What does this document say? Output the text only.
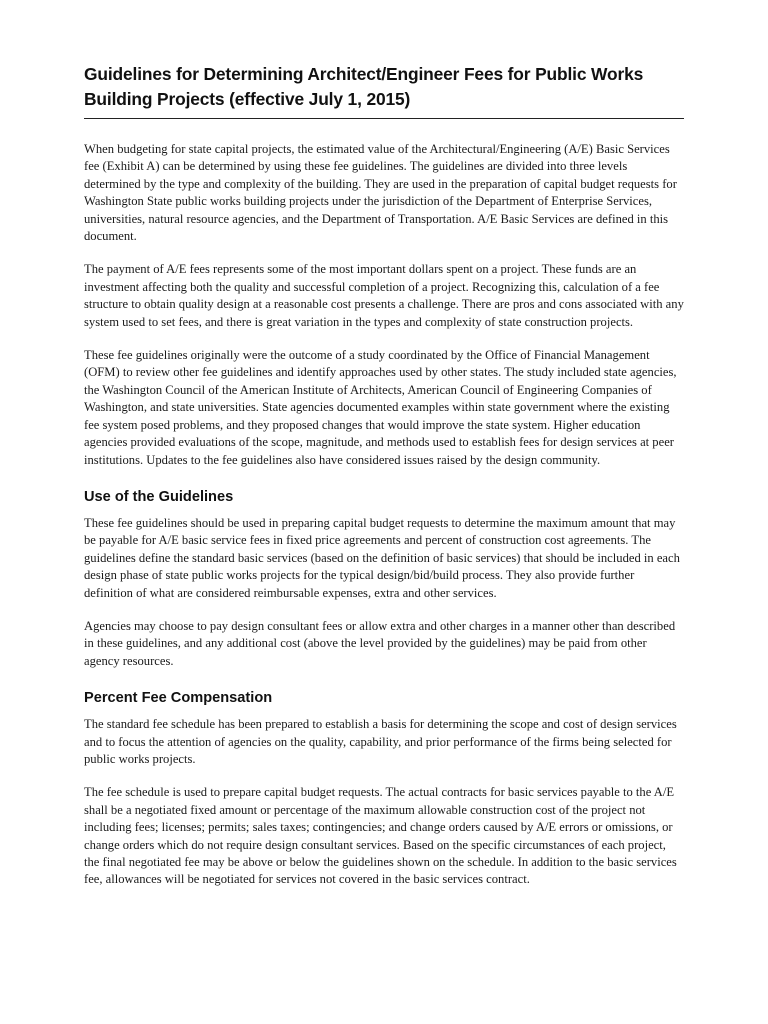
Guidelines for Determining Architect/Engineer Fees for Public Works Building Projects (effective July 1, 2015)

When budgeting for state capital projects, the estimated value of the Architectural/Engineering (A/E) Basic Services fee (Exhibit A) can be determined by using these fee guidelines. The guidelines are divided into three levels determined by the type and complexity of the building. They are used in the preparation of capital budget requests for Washington State public works building projects under the jurisdiction of the Department of Enterprise Services, universities, natural resource agencies, and the Department of Transportation. A/E Basic Services are defined in this document.

The payment of A/E fees represents some of the most important dollars spent on a project. These funds are an investment affecting both the quality and successful completion of a project. Recognizing this, calculation of a fee structure to obtain quality design at a reasonable cost presents a challenge. There are pros and cons associated with any system used to set fees, and there is great variation in the types and complexity of state construction projects.

These fee guidelines originally were the outcome of a study coordinated by the Office of Financial Management (OFM) to review other fee guidelines and identify approaches used by other states. The study included state agencies, the Washington Council of the American Institute of Architects, American Council of Engineering Companies of Washington, and state universities. State agencies documented examples within state government where the existing fee system posed problems, and they proposed changes that would improve the state system. Higher education agencies provided evaluations of the scope, magnitude, and methods used to establish fees for design services at peer institutions. Updates to the fee guidelines also have considered issues raised by the design community.

Use of the Guidelines

These fee guidelines should be used in preparing capital budget requests to determine the maximum amount that may be payable for A/E basic service fees in fixed price agreements and percent of construction cost agreements. The guidelines define the standard basic services (based on the definition of basic services) that should be included in each design phase of state public works projects for the typical design/bid/build process. They also provide further definition of what are considered reimbursable expenses, extra and other services.

Agencies may choose to pay design consultant fees or allow extra and other charges in a manner other than described in these guidelines, and any additional cost (above the level provided by the guidelines) may be paid from other agency resources.

Percent Fee Compensation

The standard fee schedule has been prepared to establish a basis for determining the scope and cost of design services and to focus the attention of agencies on the quality, capability, and prior performance of the firms being selected for public works projects.

The fee schedule is used to prepare capital budget requests. The actual contracts for basic services payable to the A/E shall be a negotiated fixed amount or percentage of the maximum allowable construction cost of the project not including fees; licenses; permits; sales taxes; contingencies; and change orders caused by A/E errors or omissions, or change orders which do not require design consultant services. Based on the specific circumstances of each project, the final negotiated fee may be above or below the guidelines shown on the schedule. In addition to the basic services fee, allowances will be negotiated for services not covered in the basic services contract.
